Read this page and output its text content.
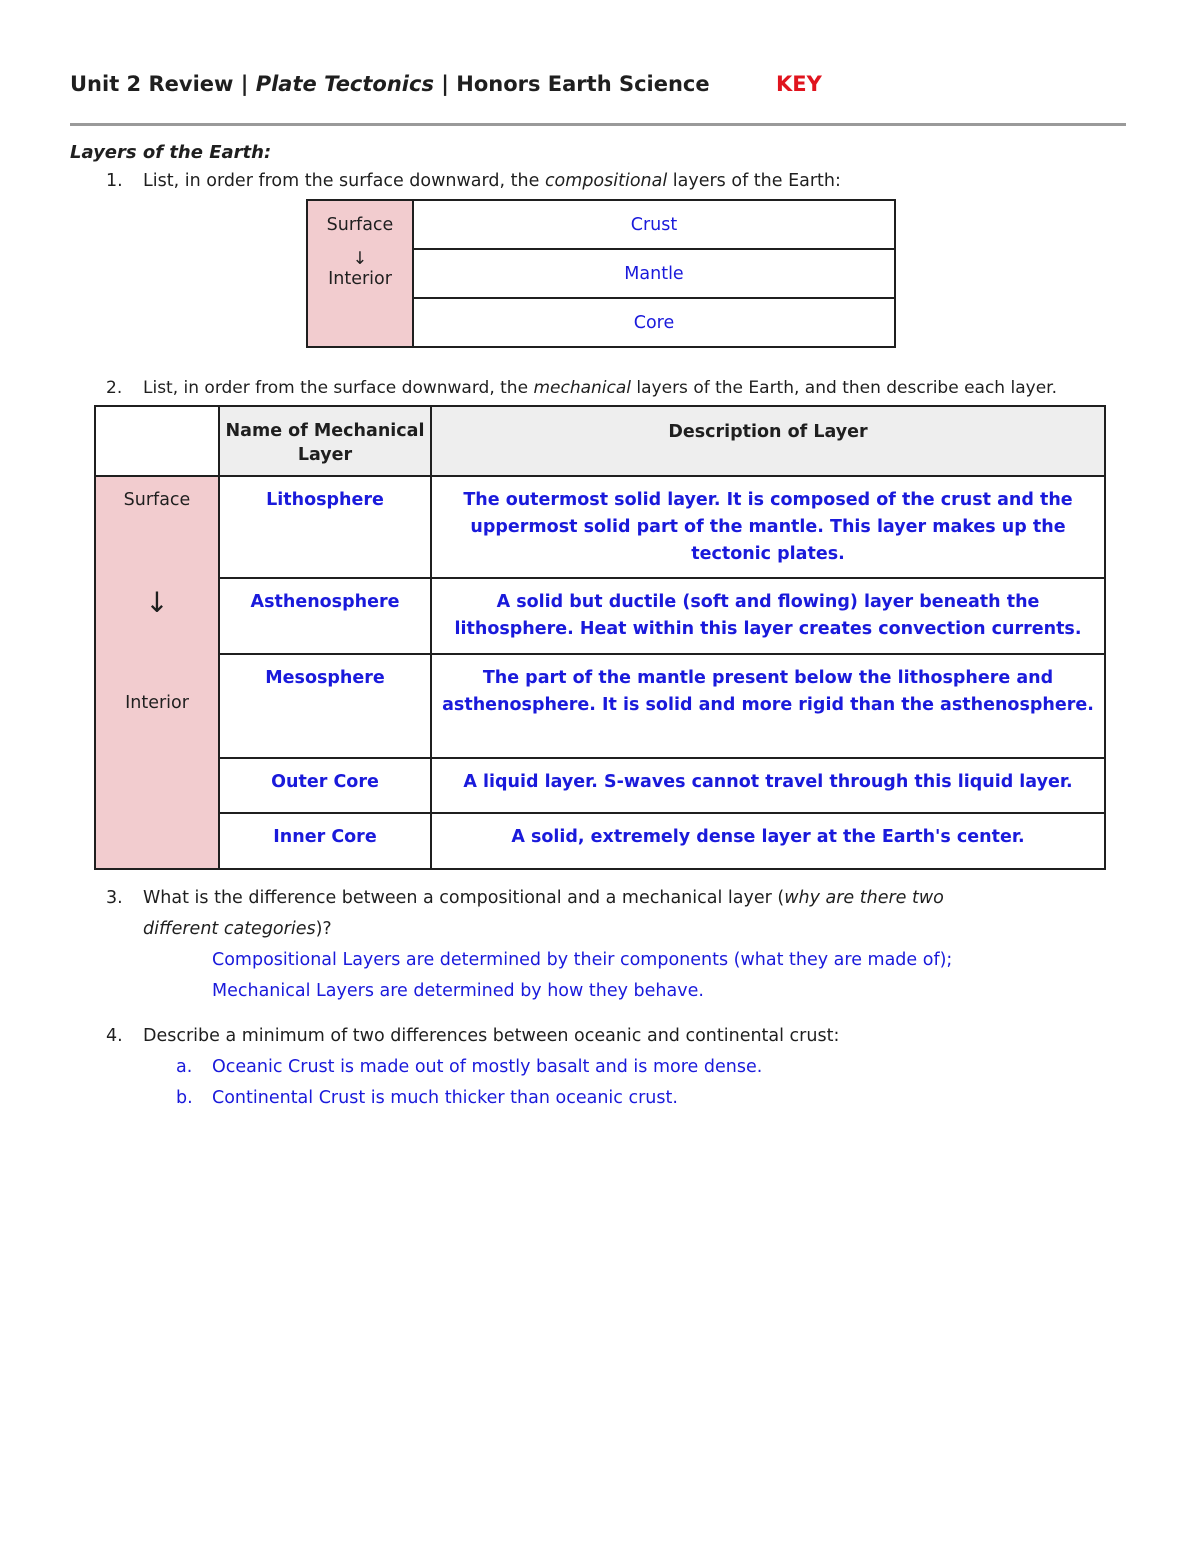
Unit 2 Review | Plate Tectonics | Honors Earth Science	KEY
Layers of the Earth:
1. List, in order from the surface downward, the compositional layers of the Earth:
Surface
↓
Interior
	Crust
Mantle
Core
2. List, in order from the surface downward, the mechanical layers of the Earth, and then describe each layer.
	Name of Mechanical Layer	Description of Layer

Surface
↓
Interior	Lithosphere	The outermost solid layer. It is composed of the crust and the uppermost solid part of the mantle. This layer makes up the tectonic plates.
	Asthenosphere	A solid but ductile (soft and flowing) layer beneath the lithosphere. Heat within this layer creates convection currents.
	Mesosphere	The part of the mantle present below the lithosphere and asthenosphere. It is solid and more rigid than the asthenosphere.
	Outer Core	A liquid layer. S-waves cannot travel through this liquid layer.
	Inner Core	A solid, extremely dense layer at the Earth's center.
3. What is the difference between a compositional and a mechanical layer (why are there two
different categories)?
Compositional Layers are determined by their components (what they are made of);
Mechanical Layers are determined by how they behave.
4. Describe a minimum of two differences between oceanic and continental crust:
a. Oceanic Crust is made out of mostly basalt and is more dense.
b. Continental Crust is much thicker than oceanic crust.
